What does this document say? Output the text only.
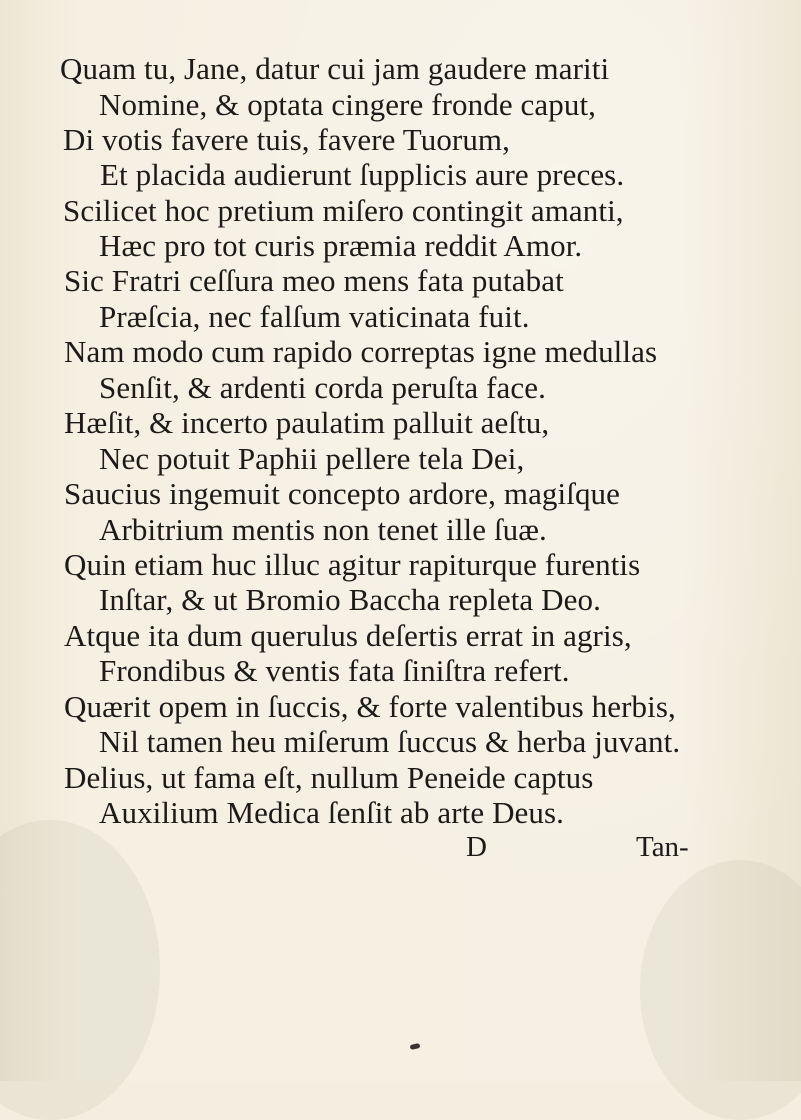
Quam tu, Jane, datur cui jam gaudere mariti
Nomine, & optata cingere fronde caput,
Di votis favere tuis, favere Tuorum,
Et placida audierunt ſupplicis aure preces.
Scilicet hoc pretium miſero contingit amanti,
Hæc pro tot curis præmia reddit Amor.
Sic Fratri ceſſura meo mens fata putabat
Præſcia, nec falſum vaticinata fuit.
Nam modo cum rapido correptas igne medullas
Senſit, & ardenti corda peruſta face.
Hæſit, & incerto paulatim palluit aeſtu,
Nec potuit Paphii pellere tela Dei,
Saucius ingemuit concepto ardore, magiſque
Arbitrium mentis non tenet ille ſuæ.
Quin etiam huc illuc agitur rapiturque furentis
Inſtar, & ut Bromio Baccha repleta Deo.
Atque ita dum querulus deſertis errat in agris,
Frondibus & ventis fata ſiniſtra refert.
Quærit opem in ſuccis, & forte valentibus herbis,
Nil tamen heu miſerum ſuccus & herba juvant.
Delius, ut fama eſt, nullum Peneide captus
Auxilium Medica ſenſit ab arte Deus.
D	Tan-
